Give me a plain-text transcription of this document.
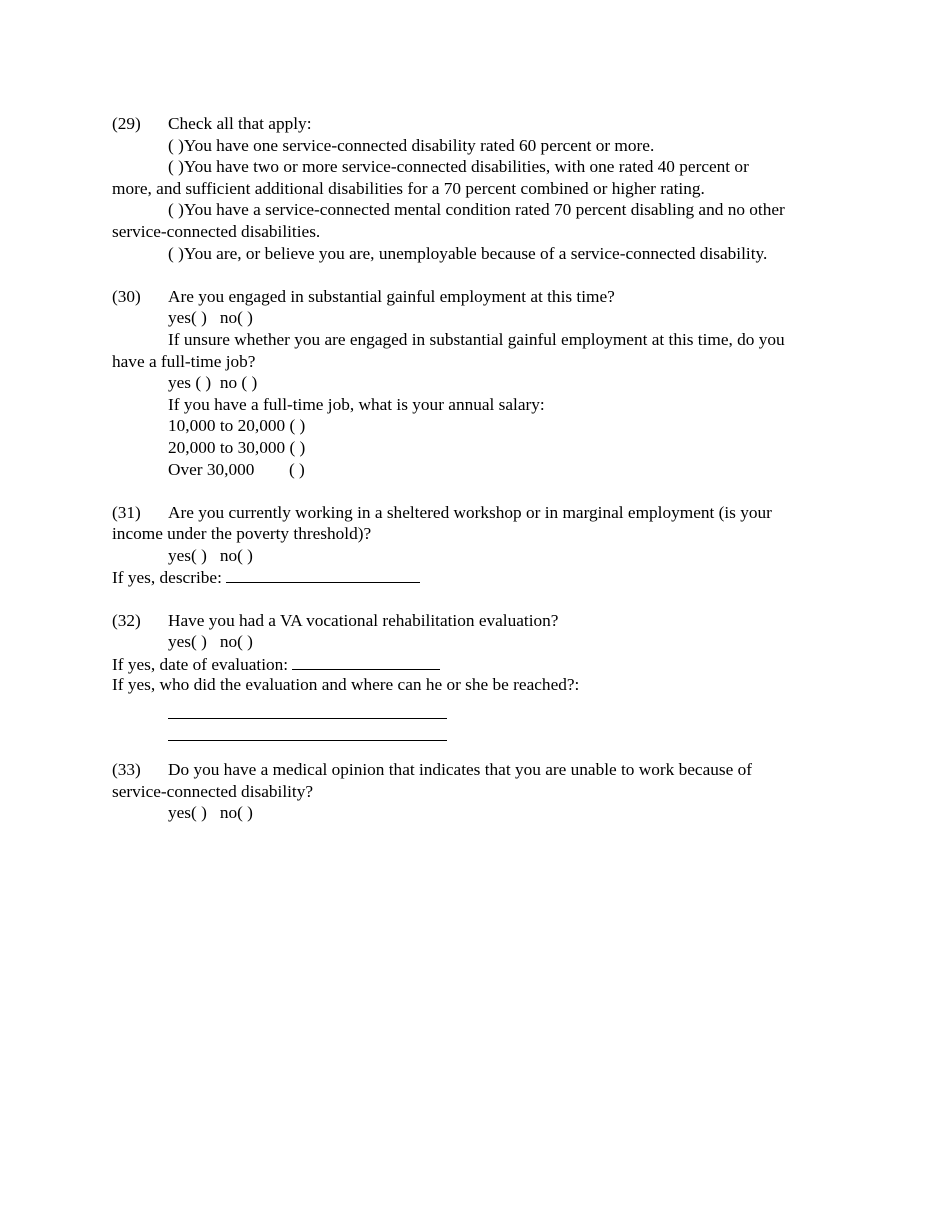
(29) Check all that apply:
( )You have one service-connected disability rated 60 percent or more.
( )You have two or more service-connected disabilities, with one rated 40 percent or
more, and sufficient additional disabilities for a 70 percent combined or higher rating.
( )You have a service-connected mental condition rated 70 percent disabling and no other
service-connected disabilities.
( )You are, or believe you are, unemployable because of a service-connected disability.
(30) Are you engaged in substantial gainful employment at this time?
yes( )   no( )
If unsure whether you are engaged in substantial gainful employment at this time, do you
have a full-time job?
yes ( )  no ( )
If you have a full-time job, what is your annual salary:
10,000 to 20,000 ( )
20,000 to 30,000 ( )
Over 30,000        ( )
(31) Are you currently working in a sheltered workshop or in marginal employment (is your
income under the poverty threshold)?
yes( )   no( )
If yes, describe:
(32) Have you had a VA vocational rehabilitation evaluation?
yes( )   no( )
If yes, date of evaluation:
If yes, who did the evaluation and where can he or she be reached?:
(33) Do you have a medical opinion that indicates that you are unable to work because of
service-connected disability?
yes( )   no( )
